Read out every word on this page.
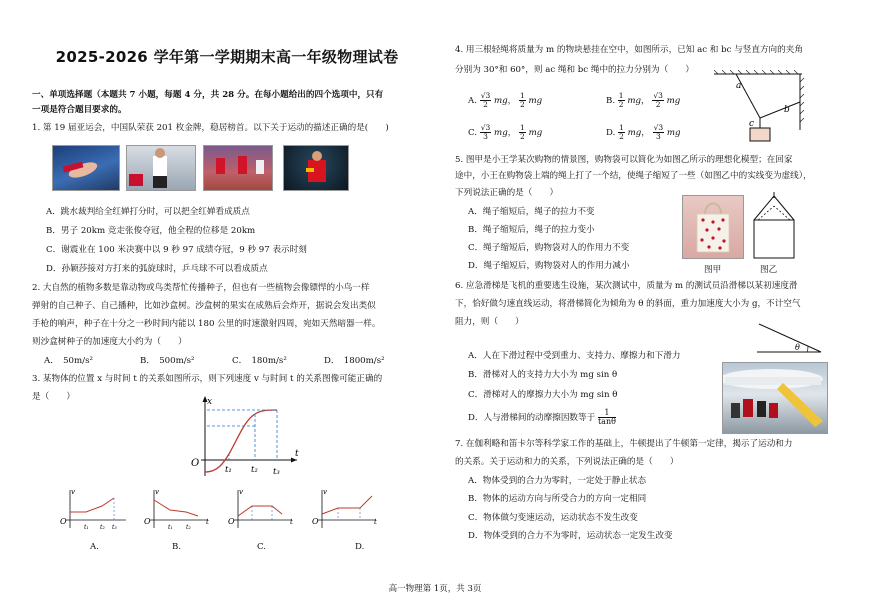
2025-2026 学年第一学期期末高一年级物理试卷
一、单项选择题（本题共 7 小题，每题 4 分，共 28 分。在每小题给出的四个选项中，只有
一项是符合题目要求的。
1. 第 19 届亚运会，中国队荣获 201 枚金牌，稳居榜首。以下关于运动的描述正确的是(　　)
A．跳水裁判给全红婵打分时，可以把全红婵看成质点
B．男子 20km 竞走张俊夺冠，他全程的位移是 20km
C．谢震业在 100 米决赛中以 9 秒 97 成绩夺冠，9 秒 97 表示时刻
D．孙颖莎接对方打来的弧旋球时，乒乓球不可以看成质点
2. 大自然的植物多数是靠动物或鸟类帮忙传播种子，但也有一些植物会像镖悍的小鸟一样
弹射的自己种子、自己播种，比如沙盒树。沙盒树的果实在成熟后会炸开，据说会发出类似
手枪的响声，种子在十分之一秒时间内能以 180 公里的时速激射四周，宛如天然暗器一样。
则沙盒树种子的加速度大小约为（　　）
A．　50m/s²	B．　500m/s²	C．　180m/s²	D．　1800m/s²
3. 某物体的位置 x 与时间 t 的关系如图所示，则下列速度 v 与时间 t 的关系图像可能正确的
是（　　）	x
t
O
t₁ t₂ t₃
v
O
t₁ t₂ t₃
v
O	t
t₁ t₂
v
O	t
v
O	t
A.	B.	C.	D.
4. 用三根轻绳将质量为 m 的物块悬挂在空中，如图所示，已知 ac 和 bc 与竖直方向的夹角
分别为 30°和 60°，则 ac 绳和 bc 绳中的拉力分别为（　　）
A. $\frac{√3}{2}$ mg， $\frac{1}{2}$ mg	B. $\frac{1}{2}$ mg， $\frac{√3}{2}$ mg
C. $\frac{√3}{3}$ mg， $\frac{1}{2}$ mg	D. $\frac{1}{2}$ mg， $\frac{√3}{3}$ mg
a
b
c
5. 图甲是小王学某次购物的情景图，购物袋可以简化为如图乙所示的理想化模型；在回家
途中，小王在购物袋上端的绳上打了一个结，使绳子缩短了一些（如图乙中的实线变为虚线），
下列说法正确的是（　　）
A．绳子缩短后，绳子的拉力不变
B．绳子缩短后，绳子的拉力变小
C．绳子缩短后，购物袋对人的作用力不变
D．绳子缩短后，购物袋对人的作用力减小	图甲	图乙
6. 应急滑梯是飞机的重要逃生设施，某次测试中，质量为 m 的测试员沿滑梯以某初速度滑
下，恰好做匀速直线运动，将滑梯简化为倾角为 θ 的斜面，重力加速度大小为 g，不计空气
阻力，则（　　）
θ
A．人在下滑过程中受到重力、支持力、摩擦力和下滑力
B．滑梯对人的支持力大小为 mg sin θ
C．滑梯对人的摩擦力大小为 mg sin θ
D．人与滑梯间的动摩擦因数等于 $\frac{1}{\tan\theta}$
7. 在伽利略和笛卡尔等科学家工作的基础上，牛顿提出了牛顿第一定律，揭示了运动和力
的关系。关于运动和力的关系，下列说法正确的是（　　）
A．物体受到的合力为零时，一定处于静止状态
B．物体的运动方向与所受合力的方向一定相同
C．物体做匀变速运动，运动状态不发生改变
D．物体受到的合力不为零时，运动状态一定发生改变
高一物理第 1页，共 3页
